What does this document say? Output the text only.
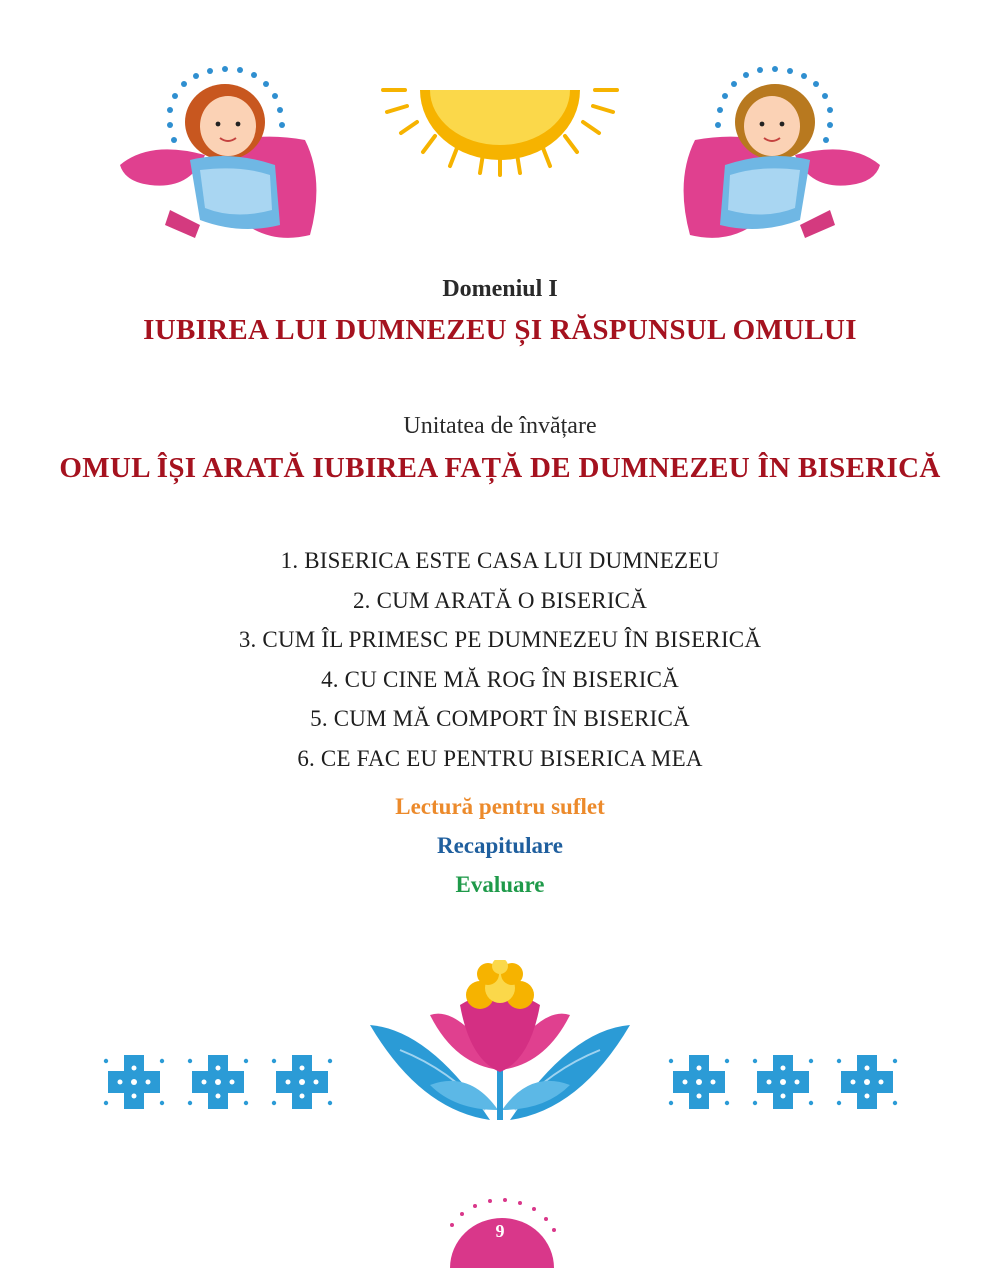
Domeniul I
IUBIREA LUI DUMNEZEU ȘI RĂSPUNSUL OMULUI
Unitatea de învățare
OMUL ÎȘI ARATĂ IUBIREA FAȚĂ DE DUMNEZEU ÎN BISERICĂ
1. BISERICA ESTE CASA LUI DUMNEZEU
2. CUM ARATĂ O BISERICĂ
3. CUM ÎL PRIMESC PE DUMNEZEU ÎN BISERICĂ
4. CU CINE MĂ ROG ÎN BISERICĂ
5. CUM MĂ COMPORT ÎN BISERICĂ
6. CE FAC EU PENTRU BISERICA MEA
Lectură pentru suflet
Recapitulare
Evaluare
9
